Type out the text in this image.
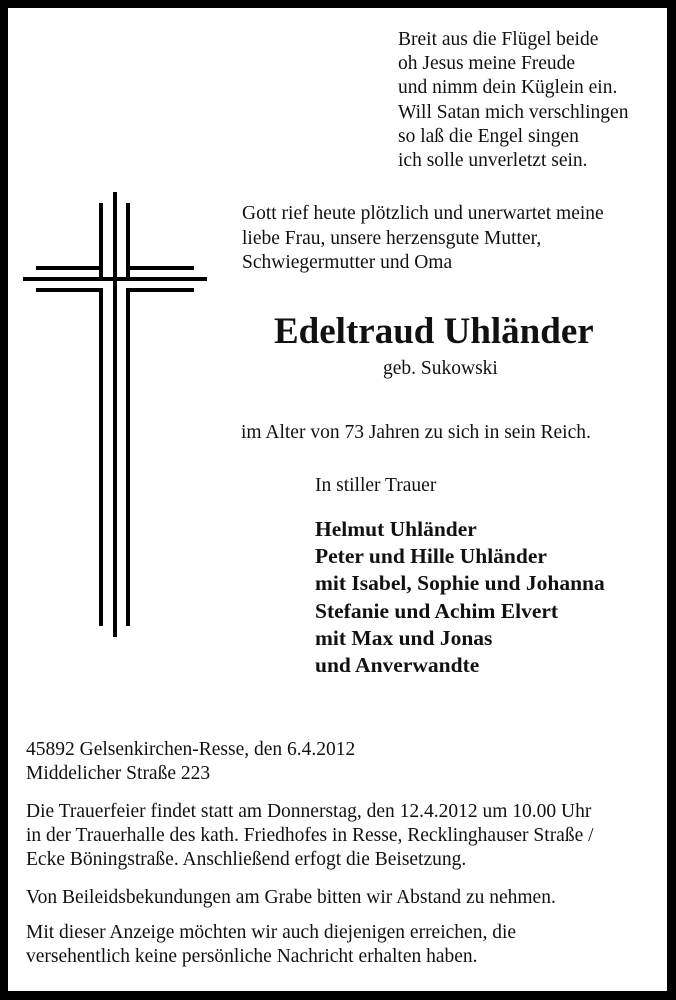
Breit aus die Flügel beide
oh Jesus meine Freude
und nimm dein Küglein ein.
Will Satan mich verschlingen
so laß die Engel singen
ich solle unverletzt sein.
Gott rief heute plötzlich und unerwartet meine
liebe Frau, unsere herzensgute Mutter,
Schwiegermutter und Oma
Edeltraud Uhländer
geb. Sukowski
im Alter von 73 Jahren zu sich in sein Reich.
In stiller Trauer
Helmut Uhländer
Peter und Hille Uhländer
mit Isabel, Sophie und Johanna
Stefanie und Achim Elvert
mit Max und Jonas
und Anverwandte
45892 Gelsenkirchen-Resse, den 6.4.2012
Middelicher Straße 223
Die Trauerfeier findet statt am Donnerstag, den 12.4.2012 um 10.00 Uhr
in der Trauerhalle des kath. Friedhofes in Resse, Recklinghauser Straße /
Ecke Böningstraße. Anschließend erfogt die Beisetzung.
Von Beileidsbekundungen am Grabe bitten wir Abstand zu nehmen.
Mit dieser Anzeige möchten wir auch diejenigen erreichen, die
versehentlich keine persönliche Nachricht erhalten haben.
